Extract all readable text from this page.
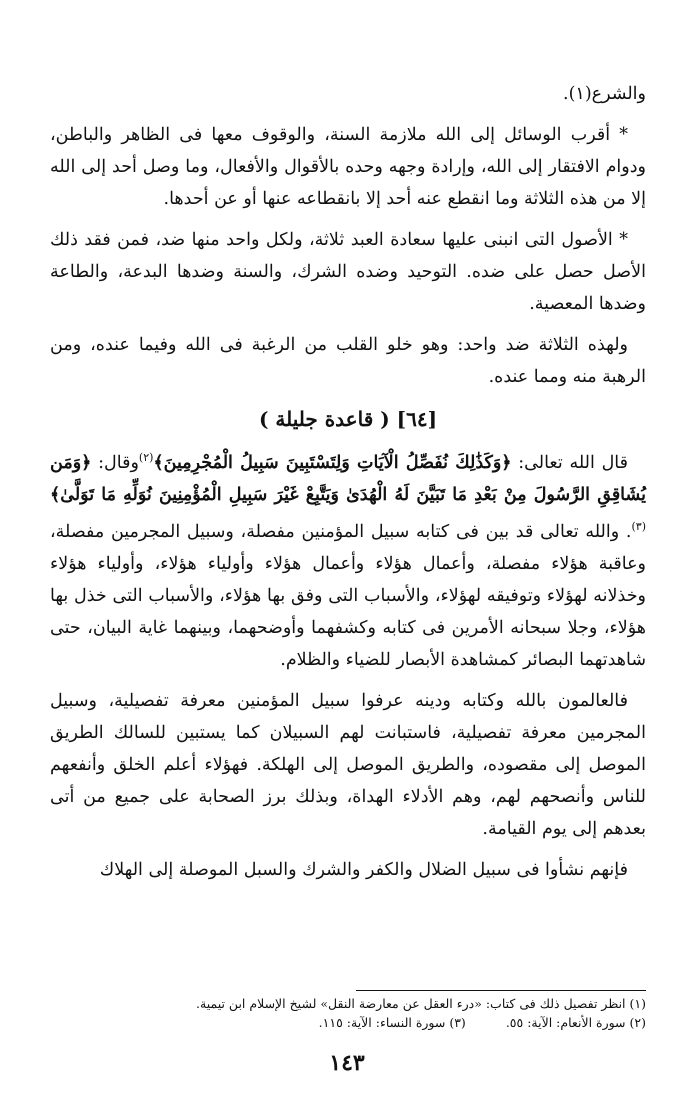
والشرع(١).

* أقرب الوسائل إلى الله ملازمة السنة، والوقوف معها فى الظاهر والباطن، ودوام الافتقار إلى الله، وإرادة وجهه وحده بالأقوال والأفعال، وما وصل أحد إلى الله إلا من هذه الثلاثة وما انقطع عنه أحد إلا بانقطاعه عنها أو عن أحدها.

* الأصول التى انبنى عليها سعادة العبد ثلاثة، ولكل واحد منها ضد، فمن فقد ذلك الأصل حصل على ضده. التوحيد وضده الشرك، والسنة وضدها البدعة، والطاعة وضدها المعصية.

ولهذه الثلاثة ضد واحد: وهو خلو القلب من الرغبة فى الله وفيما عنده، ومن الرهبة منه ومما عنده.

[٦٤] ( قاعدة جليلة )

قال الله تعالى: ﴿وَكَذَٰلِكَ نُفَصِّلُ الْآيَاتِ وَلِتَسْتَبِينَ سَبِيلُ الْمُجْرِمِينَ﴾$^{(٢)}$وقال: ﴿وَمَن يُشَاقِقِ الرَّسُولَ مِنْ بَعْدِ مَا تَبَيَّنَ لَهُ الْهُدَىٰ وَيَتَّبِعْ غَيْرَ سَبِيلِ الْمُؤْمِنِينَ نُوَلِّهِ مَا تَوَلَّىٰ﴾$^{(٣)}$. والله تعالى قد بين فى كتابه سبيل المؤمنين مفصلة، وسبيل المجرمين مفصلة، وعاقبة هؤلاء مفصلة، وأعمال هؤلاء وأعمال هؤلاء وأولياء هؤلاء، وأولياء هؤلاء وخذلانه لهؤلاء وتوفيقه لهؤلاء، والأسباب التى وفق بها هؤلاء، والأسباب التى خذل بها هؤلاء، وجلا سبحانه الأمرين فى كتابه وكشفهما وأوضحهما، وبينهما غاية البيان، حتى شاهدتهما البصائر كمشاهدة الأبصار للضياء والظلام.

فالعالمون بالله وكتابه ودينه عرفوا سبيل المؤمنين معرفة تفصيلية، وسبيل المجرمين معرفة تفصيلية، فاستبانت لهم السبيلان كما يستبين للسالك الطريق الموصل إلى مقصوده، والطريق الموصل إلى الهلكة. فهؤلاء أعلم الخلق وأنفعهم للناس وأنصحهم لهم، وهم الأدلاء الهداة، وبذلك برز الصحابة على جميع من أتى بعدهم إلى يوم القيامة.

فإنهم نشأوا فى سبيل الضلال والكفر والشرك والسبل الموصلة إلى الهلاك

(١) انظر تفصيل ذلك فى كتاب: «درء العقل عن معارضة النقل» لشيخ الإسلام ابن تيمية.
(٢) سورة الأنعام: الآية: ٥٥.
(٣) سورة النساء: الآية: ١١٥.
١٤٣
